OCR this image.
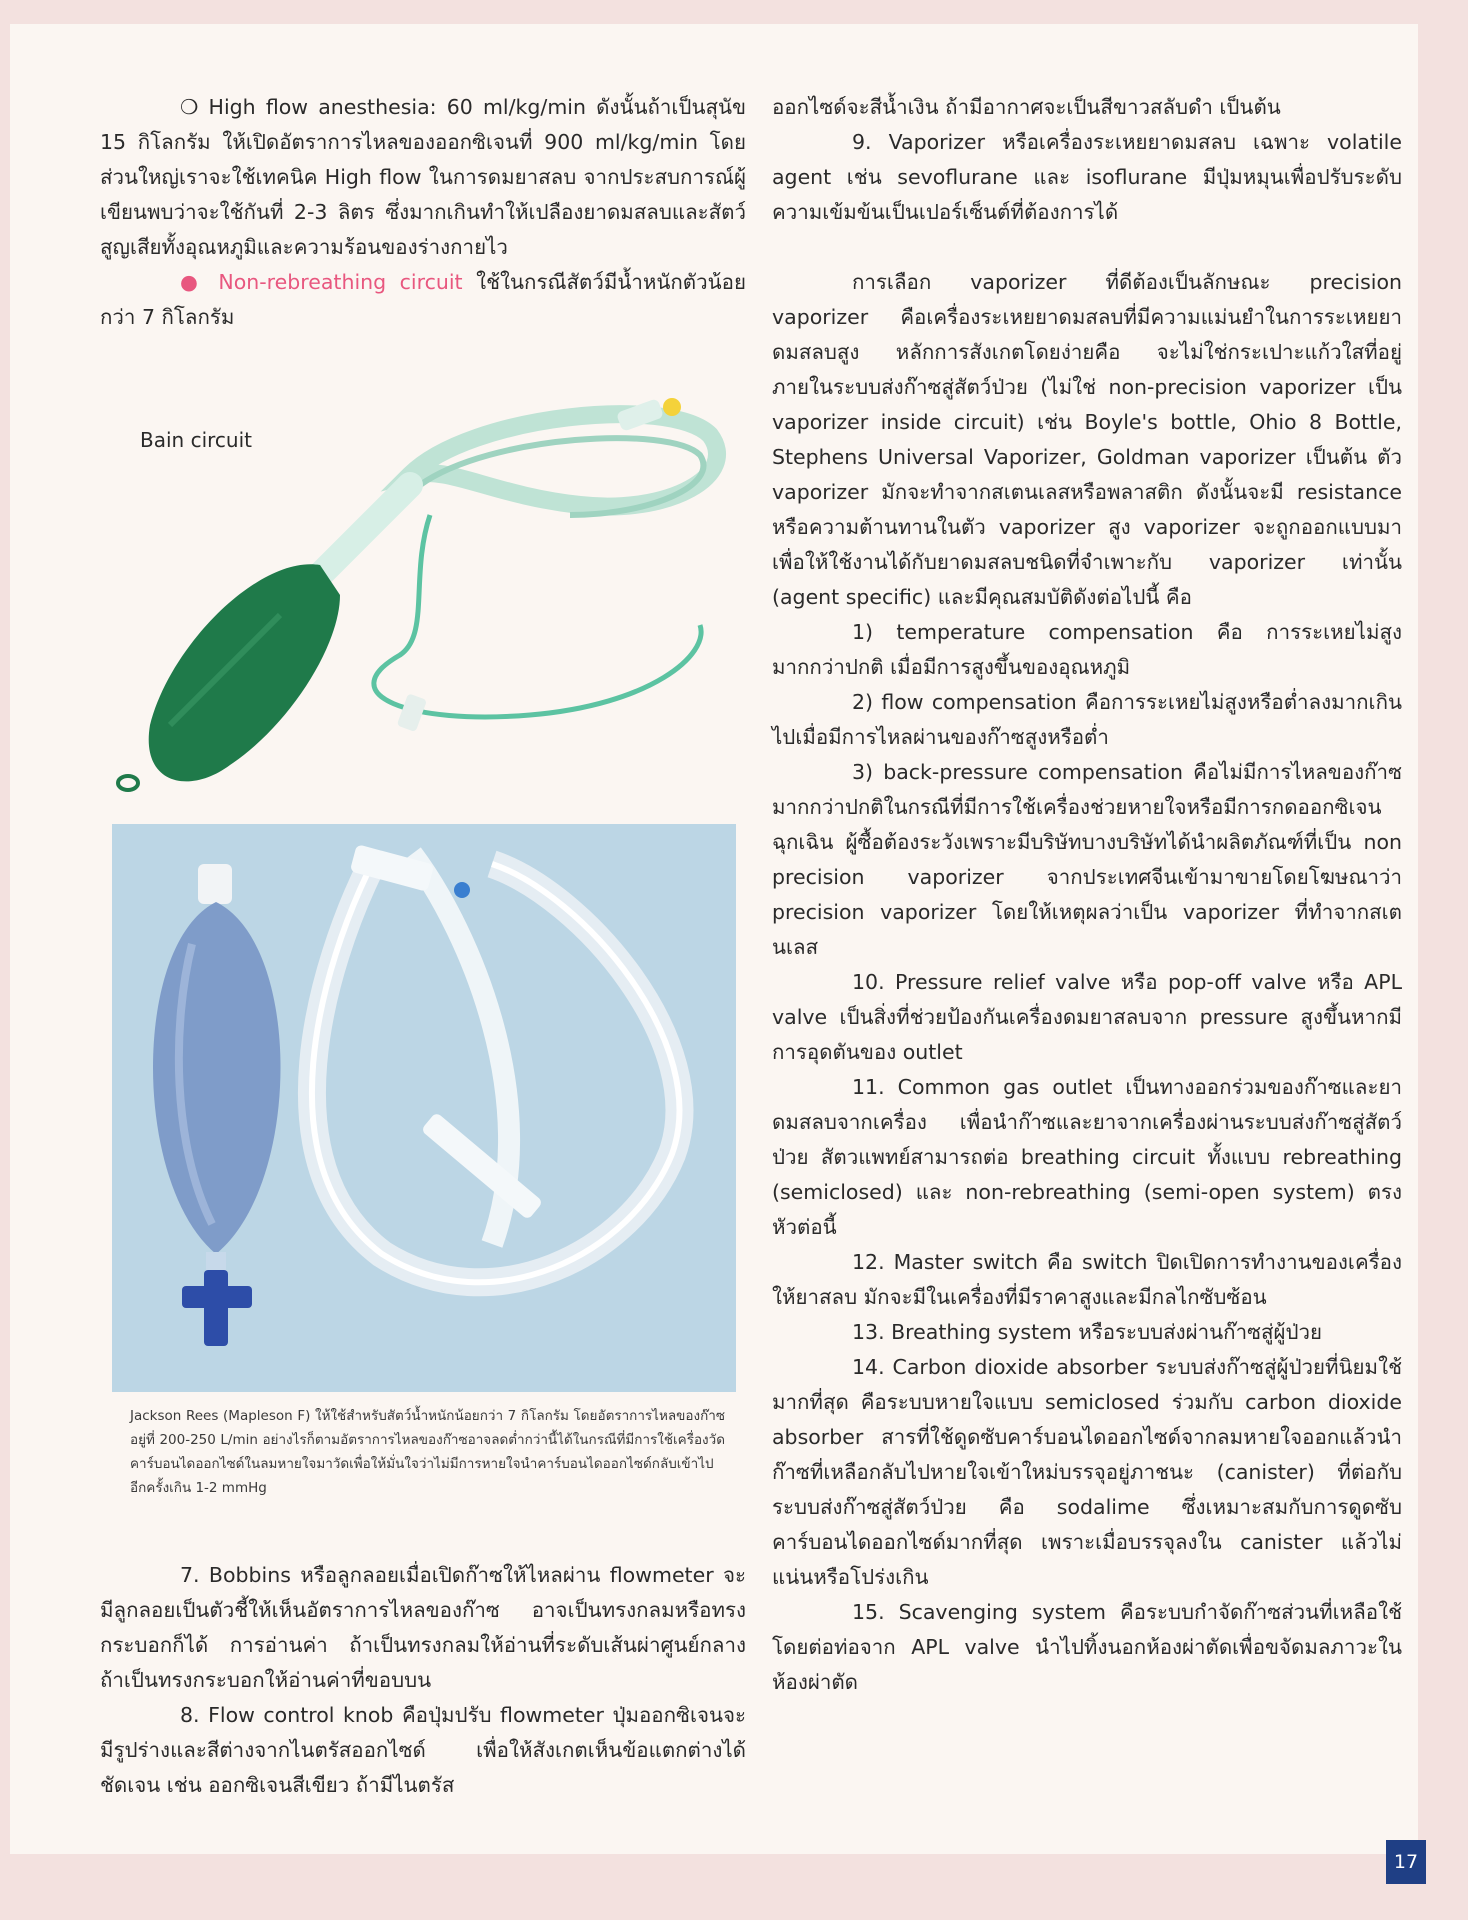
❍ High flow anesthesia: 60 ml/kg/min ดังนั้นถ้าเป็นสุนัข 15 กิโลกรัม ให้เปิดอัตราการไหลของออกซิเจนที่ 900 ml/kg/min โดยส่วนใหญ่เราจะใช้เทคนิค High flow ในการดมยาสลบ จากประสบการณ์ผู้เขียนพบว่าจะใช้กันที่ 2-3 ลิตร ซึ่งมากเกินทำให้เปลืองยาดมสลบและสัตว์สูญเสียทั้งอุณหภูมิและความร้อนของร่างกายไว

● Non-rebreathing circuit ใช้ในกรณีสัตว์มีน้ำหนักตัวน้อยกว่า 7 กิโลกรัม

Bain circuit
Jackson Rees (Mapleson F) ให้ใช้สำหรับสัตว์น้ำหนักน้อยกว่า 7 กิโลกรัม โดยอัตราการไหลของก๊าซอยู่ที่ 200-250 L/min อย่างไรก็ตามอัตราการไหลของก๊าซอาจลดต่ำกว่านี้ได้ในกรณีที่มีการใช้เครื่องวัดคาร์บอนไดออกไซด์ในลมหายใจมาวัดเพื่อให้มั่นใจว่าไม่มีการหายใจนำคาร์บอนไดออกไซด์กลับเข้าไปอีกครั้งเกิน 1-2 mmHg

7. Bobbins หรือลูกลอยเมื่อเปิดก๊าซให้ไหลผ่าน flowmeter จะมีลูกลอยเป็นตัวชี้ให้เห็นอัตราการไหลของก๊าซ อาจเป็นทรงกลมหรือทรงกระบอกก็ได้ การอ่านค่า ถ้าเป็นทรงกลมให้อ่านที่ระดับเส้นผ่าศูนย์กลาง ถ้าเป็นทรงกระบอกให้อ่านค่าที่ขอบบน

8. Flow control knob คือปุ่มปรับ flowmeter ปุ่มออกซิเจนจะมีรูปร่างและสีต่างจากไนตรัสออกไซด์ เพื่อให้สังเกตเห็นข้อแตกต่างได้ชัดเจน เช่น ออกซิเจนสีเขียว ถ้ามีไนตรัส

ออกไซด์จะสีน้ำเงิน ถ้ามีอากาศจะเป็นสีขาวสลับดำ เป็นต้น

9. Vaporizer หรือเครื่องระเหยยาดมสลบ เฉพาะ volatile agent เช่น sevoflurane และ isoflurane มีปุ่มหมุนเพื่อปรับระดับความเข้มข้นเป็นเปอร์เซ็นต์ที่ต้องการได้

การเลือก vaporizer ที่ดีต้องเป็นลักษณะ precision vaporizer คือเครื่องระเหยยาดมสลบที่มีความแม่นยำในการระเหยยาดมสลบสูง หลักการสังเกตโดยง่ายคือ จะไม่ใช่กระเปาะแก้วใสที่อยู่ภายในระบบส่งก๊าซสู่สัตว์ป่วย (ไม่ใช่ non-precision vaporizer เป็น vaporizer inside circuit) เช่น Boyle's bottle, Ohio 8 Bottle, Stephens Universal Vaporizer, Goldman vaporizer เป็นต้น ตัว vaporizer มักจะทำจากสเตนเลสหรือพลาสติก ดังนั้นจะมี resistance หรือความต้านทานในตัว vaporizer สูง vaporizer จะถูกออกแบบมาเพื่อให้ใช้งานได้กับยาดมสลบชนิดที่จำเพาะกับ vaporizer เท่านั้น (agent specific) และมีคุณสมบัติดังต่อไปนี้ คือ

1) temperature compensation คือ การระเหยไม่สูงมากกว่าปกติ เมื่อมีการสูงขึ้นของอุณหภูมิ

2) flow compensation คือการระเหยไม่สูงหรือต่ำลงมากเกินไปเมื่อมีการไหลผ่านของก๊าซสูงหรือต่ำ

3) back-pressure compensation คือไม่มีการไหลของก๊าซมากกว่าปกติในกรณีที่มีการใช้เครื่องช่วยหายใจหรือมีการกดออกซิเจนฉุกเฉิน ผู้ซื้อต้องระวังเพราะมีบริษัทบางบริษัทได้นำผลิตภัณฑ์ที่เป็น non precision vaporizer จากประเทศจีนเข้ามาขายโดยโฆษณาว่า precision vaporizer โดยให้เหตุผลว่าเป็น vaporizer ที่ทำจากสเตนเลส

10. Pressure relief valve หรือ pop-off valve หรือ APL valve เป็นสิ่งที่ช่วยป้องกันเครื่องดมยาสลบจาก pressure สูงขึ้นหากมีการอุดตันของ outlet

11. Common gas outlet เป็นทางออกร่วมของก๊าซและยาดมสลบจากเครื่อง เพื่อนำก๊าซและยาจากเครื่องผ่านระบบส่งก๊าซสู่สัตว์ป่วย สัตวแพทย์สามารถต่อ breathing circuit ทั้งแบบ rebreathing (semiclosed) และ non-rebreathing (semi-open system) ตรงหัวต่อนี้

12. Master switch คือ switch ปิดเปิดการทำงานของเครื่องให้ยาสลบ มักจะมีในเครื่องที่มีราคาสูงและมีกลไกซับซ้อน

13. Breathing system หรือระบบส่งผ่านก๊าซสู่ผู้ป่วย

14. Carbon dioxide absorber ระบบส่งก๊าซสู่ผู้ป่วยที่นิยมใช้มากที่สุด คือระบบหายใจแบบ semiclosed ร่วมกับ carbon dioxide absorber สารที่ใช้ดูดซับคาร์บอนไดออกไซด์จากลมหายใจออกแล้วนำก๊าซที่เหลือกลับไปหายใจเข้าใหม่บรรจุอยู่ภาชนะ (canister) ที่ต่อกับระบบส่งก๊าซสู่สัตว์ป่วย คือ sodalime ซึ่งเหมาะสมกับการดูดซับคาร์บอนไดออกไซด์มากที่สุด เพราะเมื่อบรรจุลงใน canister แล้วไม่แน่นหรือโปร่งเกิน

15. Scavenging system คือระบบกำจัดก๊าซส่วนที่เหลือใช้โดยต่อท่อจาก APL valve นำไปทิ้งนอกห้องผ่าตัดเพื่อขจัดมลภาวะในห้องผ่าตัด

17
